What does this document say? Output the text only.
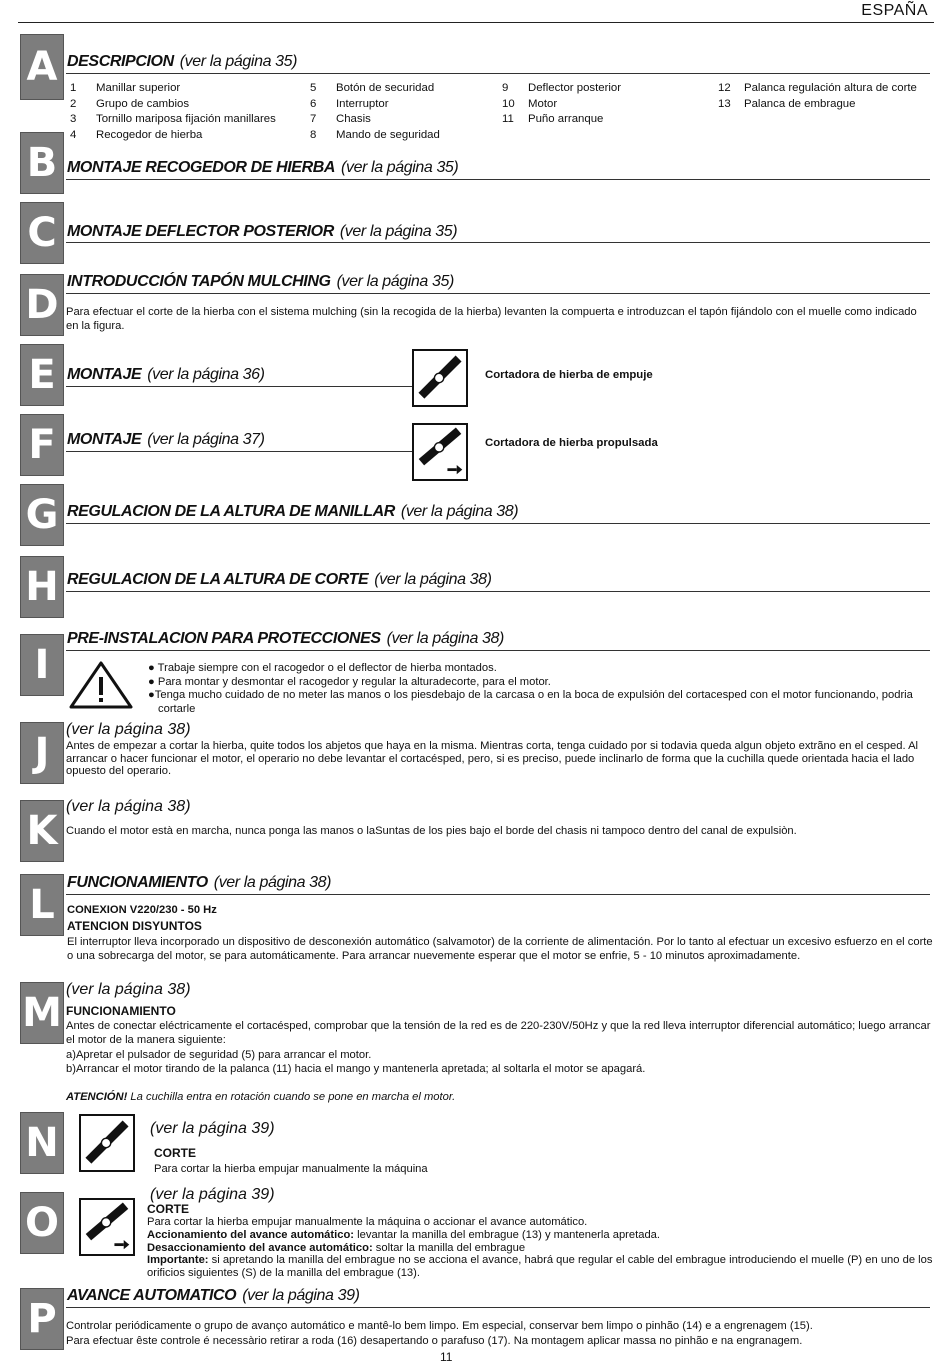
ESPAÑA
A DESCRIPCION (ver la página 35)
1	Manillar superior
2	Grupo de cambios
3	Tornillo mariposa fijación manillares
4	Recogedor de hierba
5	Botón de securidad
6	Interruptor
7	Chasis
8	Mando de seguridad
9	Deflector posterior
10	Motor
11	Puño arranque
12	Palanca regulación altura de corte
13	Palanca de embrague
B MONTAJE RECOGEDOR DE HIERBA (ver la página 35)
C MONTAJE DEFLECTOR POSTERIOR (ver la página 35)
D
INTRODUCCIÓN TAPÓN MULCHING (ver la página 35)
Para efectuar el corte de la hierba con el sistema mulching (sin la recogida de la hierba) levanten la compuerta e introduzcan el tapón fijándolo con el muelle como indicado en la figura.
E MONTAJE (ver la página 36)	Cortadora de hierba de empuje
F MONTAJE (ver la página 37)	Cortadora de hierba propulsada
G REGULACION DE LA ALTURA DE MANILLAR (ver la página 38)
H REGULACION DE LA ALTURA DE CORTE (ver la página 38)
I
PRE-INSTALACION PARA PROTECCIONES (ver la página 38)
● Trabaje siempre con el racogedor o el deflector de hierba montados.
● Para montar y desmontar el racogedor y regular la alturadecorte, para el motor.
●Tenga mucho cuidado de no meter las manos o los piesdebajo de la carcasa o en la boca de expulsión del cortacesped con el motor funcionando, podria
cortarle
J
(ver la página 38)
Antes de empezar a cortar la hierba, quite todos los abjetos que haya en la misma. Mientras corta, tenga cuidado por si todavia queda algun objeto extrãno en el cesped. Al arrancar o hacer funcionar el motor, el operario no debe levantar el cortacésped, pero, si es preciso, puede inclinarlo de forma que la cuchilla quede orientada hacia el lado opuesto del operario.
K
(ver la página 38)
Cuando el motor està en marcha, nunca ponga las manos o laSuntas de los pies bajo el borde del chasis ni tampoco dentro del canal de expulsiòn.
L FUNCIONAMIENTO (ver la página 38)
CONEXION V220/230 - 50 Hz
ATENCION DISYUNTOS
El interruptor lleva incorporado un dispositivo de desconexión automático (salvamotor) de la corriente de alimentación. Por lo tanto al efectuar un excesivo esfuerzo en el corte o una sobrecarga del motor, se para automáticamente. Para arrancar nuevemente esperar que el motor se enfrie, 5 - 10 minutos aproximadamente.
M
(ver la página 38)
FUNCIONAMIENTO
Antes de conectar eléctricamente el cortacésped, comprobar que la tensión de la red es de 220-230V/50Hz y que la red lleva interruptor diferencial automático; luego arrancar el motor de la manera siguiente:
a)Apretar el pulsador de seguridad (5) para arrancar el motor.
b)Arrancar el motor tirando de la palanca (11) hacia el mango y mantenerla apretada; al soltarla el motor se apagará.
ATENCIÓN! La cuchilla entra en rotación cuando se pone en marcha el motor.
N	(ver la página 39)
CORTE
Para cortar la hierba empujar manualmente la máquina
O
(ver la página 39)
CORTE
Para cortar la hierba empujar manualmente la máquina o accionar el avance automático.
Accionamiento del avance automático: levantar la manilla del embrague (13) y mantenerla apretada.
Desaccionamiento del avance automático: soltar la manilla del embrague
Importante: si apretando la manilla del embrague no se acciona el avance, habrá que regular el cable del embrague introduciendo el muelle (P) en uno de los orificios siguientes (S) de la manilla del embrague (13).
P
AVANCE AUTOMATICO (ver la página 39)
Controlar periódicamente o grupo de avanço automático e mantê-lo bem limpo. Em especial, conservar bem limpo o pinhão (14) e a engrenagem (15).
Para efectuar êste controle é necessàrio retirar a roda (16) desapertando o parafuso (17). Na montagem aplicar massa no pinhão e na engranagem.
11
